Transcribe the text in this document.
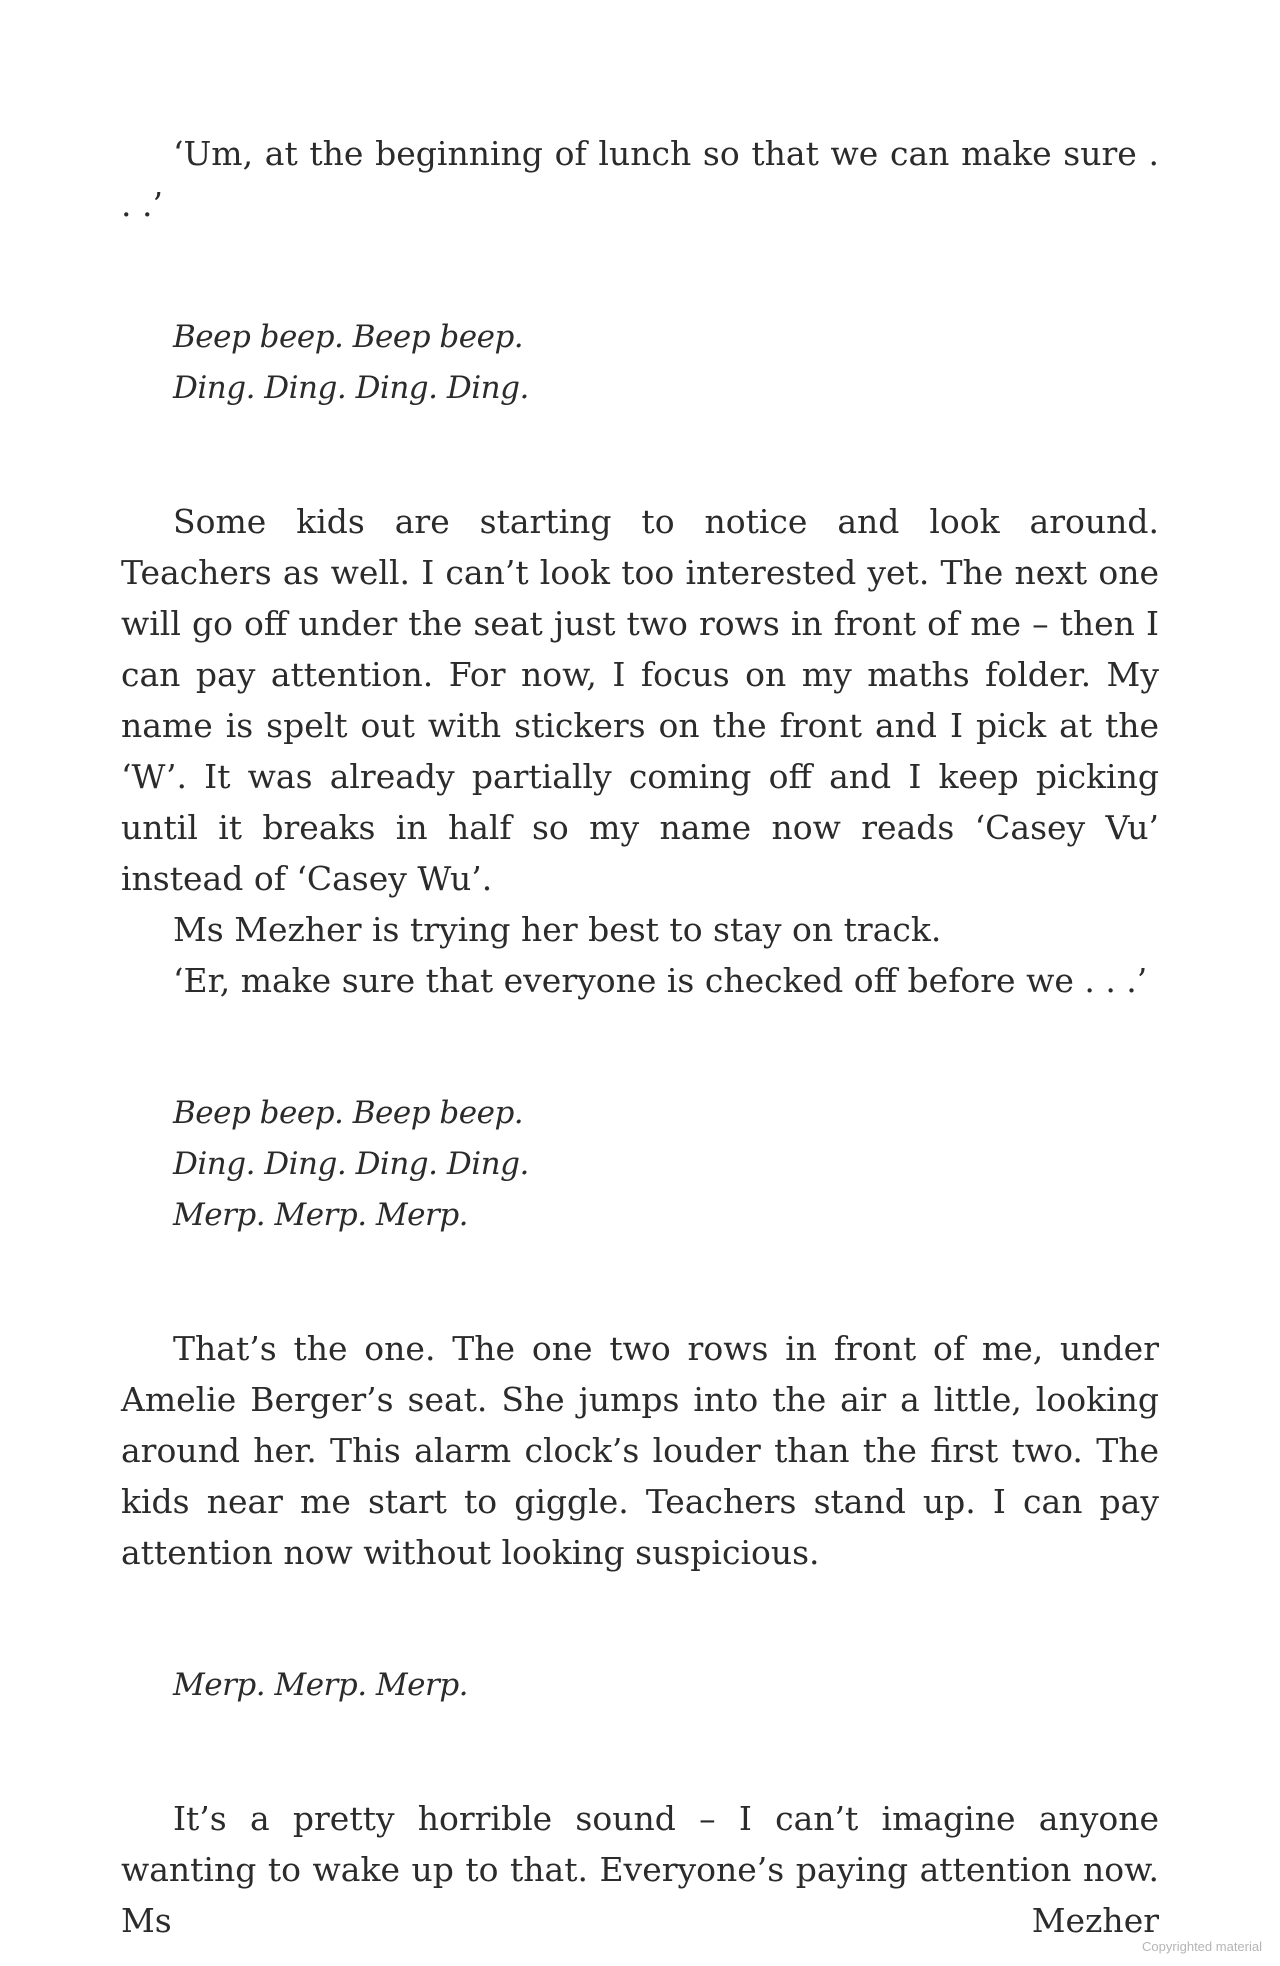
‘Um, at the beginning of lunch so that we can make sure . . .’

Beep beep. Beep beep.

Ding. Ding. Ding. Ding.

Some kids are starting to notice and look around. Teachers as well. I can’t look too interested yet. The next one will go off under the seat just two rows in front of me – then I can pay attention. For now, I focus on my maths folder. My name is spelt out with stickers on the front and I pick at the ‘W’. It was already partially coming off and I keep picking until it breaks in half so my name now reads ‘Casey Vu’ instead of ‘Casey Wu’.

Ms Mezher is trying her best to stay on track.

‘Er, make sure that everyone is checked off before we . . .’

Beep beep. Beep beep.

Ding. Ding. Ding. Ding.

Merp. Merp. Merp.

That’s the one. The one two rows in front of me, under Amelie Berger’s seat. She jumps into the air a little, looking around her. This alarm clock’s louder than the first two. The kids near me start to giggle. Teachers stand up. I can pay attention now without looking suspicious.

Merp. Merp. Merp.

It’s a pretty horrible sound – I can’t imagine anyone wanting to wake up to that. Everyone’s paying attention now. Ms Mezher

Copyrighted material
